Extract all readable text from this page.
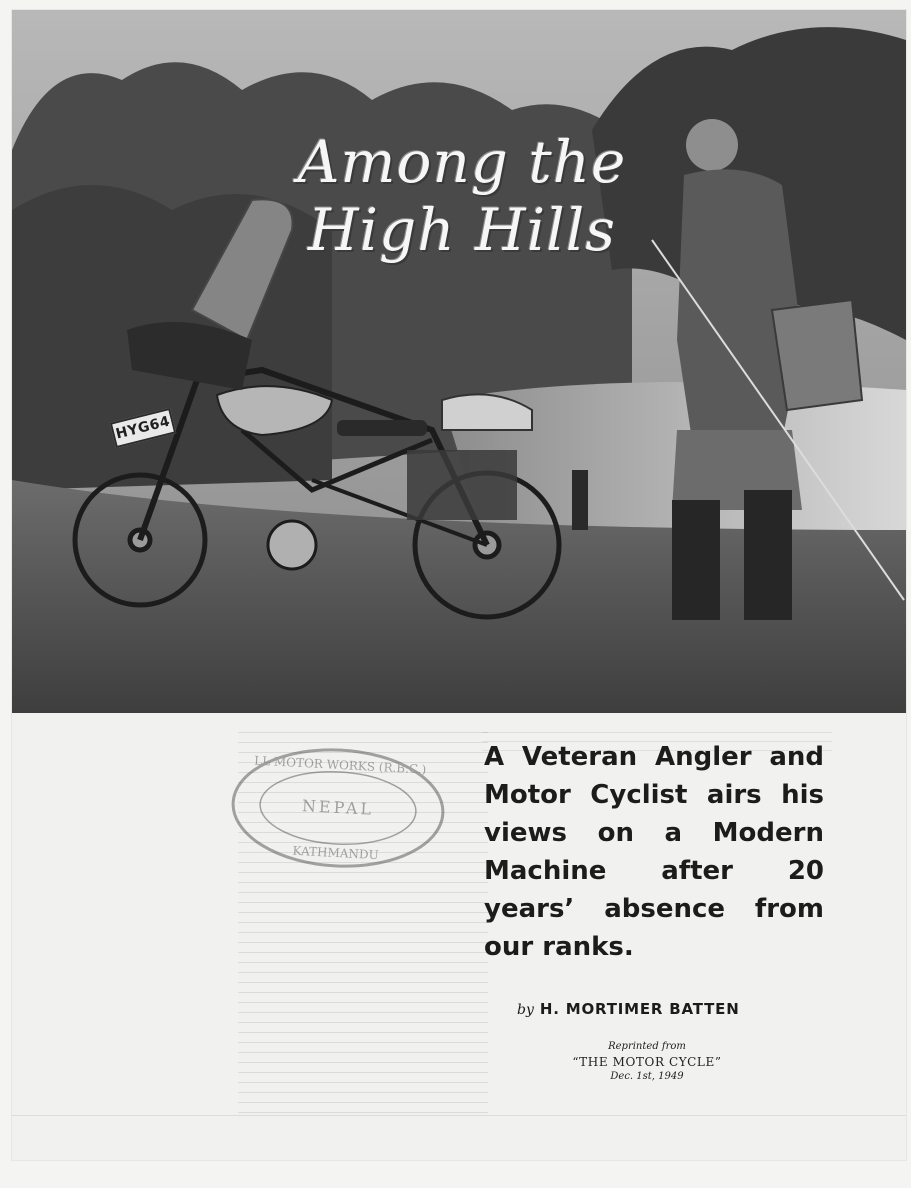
Among the
High Hills
HYG64
LL MOTOR WORKS (R.B.C.)
NEPAL
KATHMANDU
A Veteran Angler and Motor Cyclist airs his views on a Modern Machine after 20 years’ absence from our ranks.
by H. MORTIMER BATTEN
Reprinted from
“THE MOTOR CYCLE”
Dec. 1st, 1949
